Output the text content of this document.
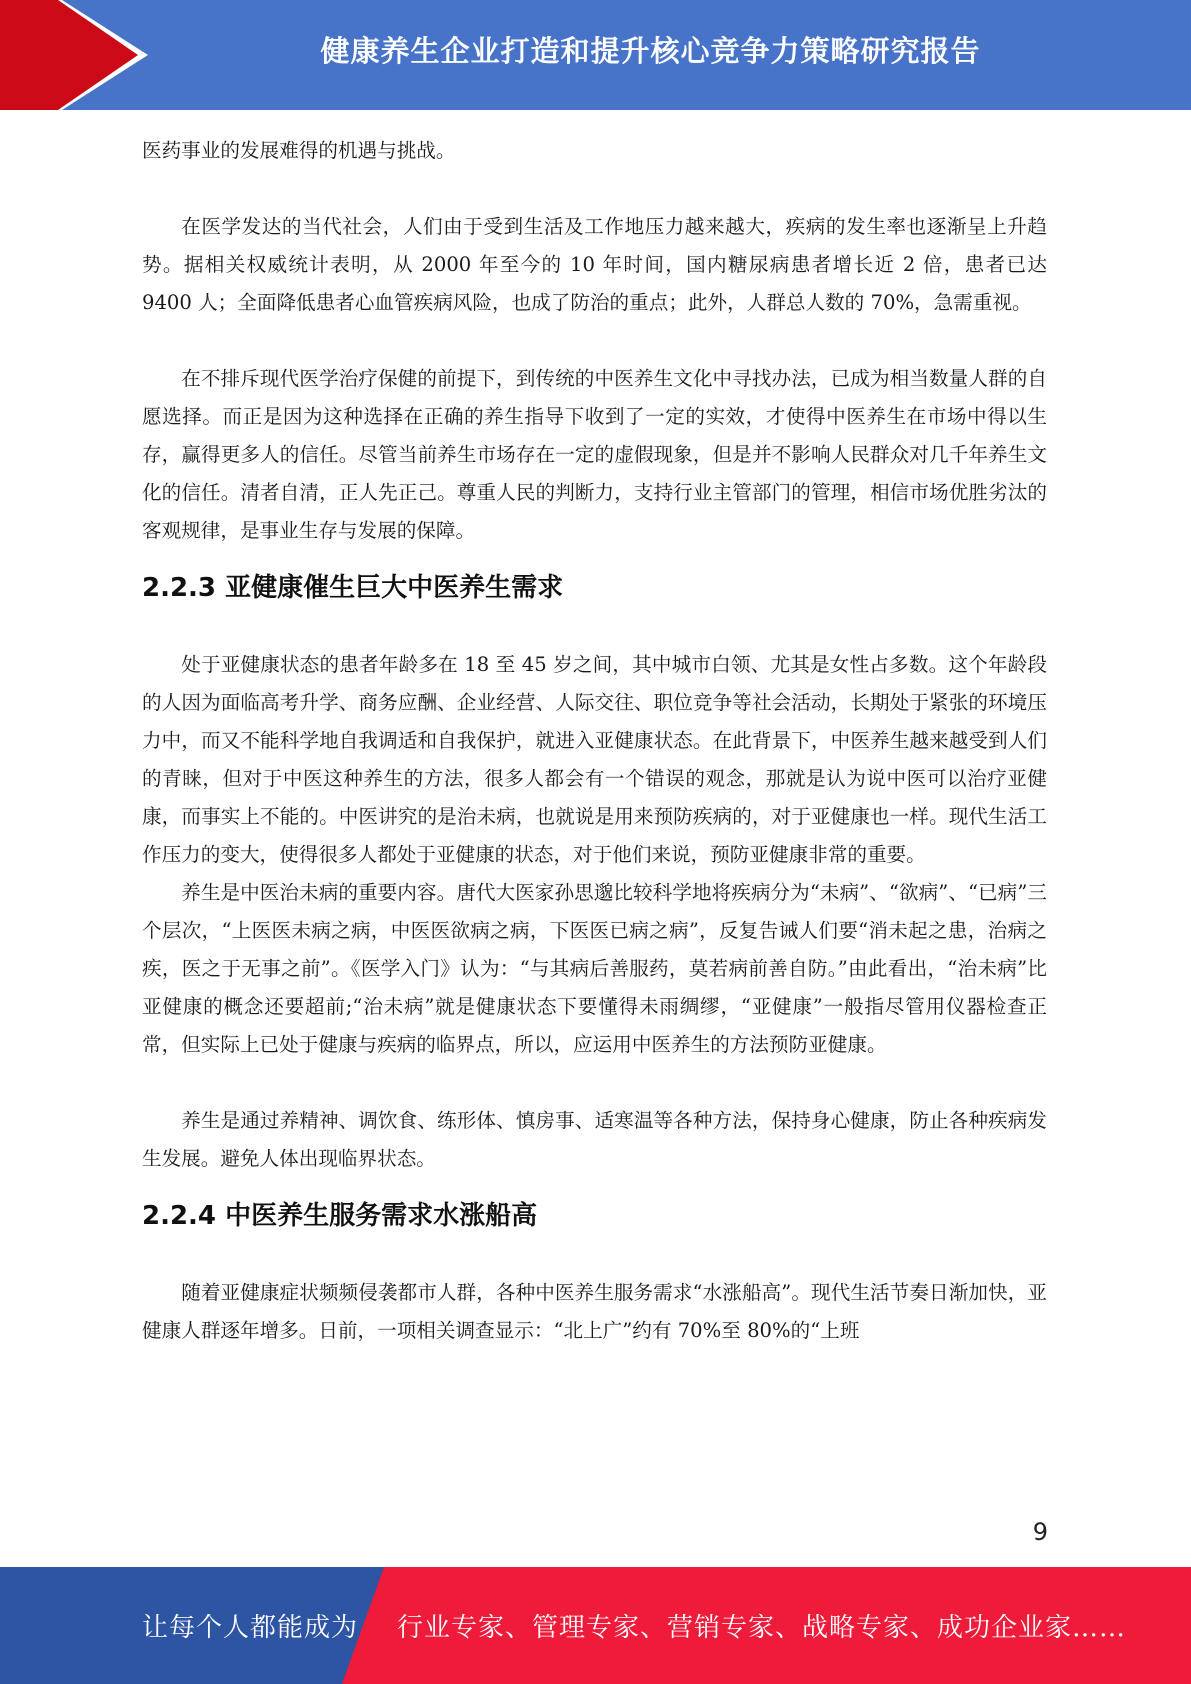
健康养生企业打造和提升核心竞争力策略研究报告

医药事业的发展难得的机遇与挑战。

在医学发达的当代社会，人们由于受到生活及工作地压力越来越大，疾病的发生率也逐渐呈上升趋势。据相关权威统计表明，从 2000 年至今的 10 年时间，国内糖尿病患者增长近 2 倍，患者已达 9400 人；全面降低患者心血管疾病风险，也成了防治的重点；此外，人群总人数的 70%，急需重视。

在不排斥现代医学治疗保健的前提下，到传统的中医养生文化中寻找办法，已成为相当数量人群的自愿选择。而正是因为这种选择在正确的养生指导下收到了一定的实效，才使得中医养生在市场中得以生存，赢得更多人的信任。尽管当前养生市场存在一定的虚假现象，但是并不影响人民群众对几千年养生文化的信任。清者自清，正人先正己。尊重人民的判断力，支持行业主管部门的管理，相信市场优胜劣汰的客观规律，是事业生存与发展的保障。

2.2.3 亚健康催生巨大中医养生需求

处于亚健康状态的患者年龄多在 18 至 45 岁之间，其中城市白领、尤其是女性占多数。这个年龄段的人因为面临高考升学、商务应酬、企业经营、人际交往、职位竞争等社会活动，长期处于紧张的环境压力中，而又不能科学地自我调适和自我保护，就进入亚健康状态。在此背景下，中医养生越来越受到人们的青睐，但对于中医这种养生的方法，很多人都会有一个错误的观念，那就是认为说中医可以治疗亚健康，而事实上不能的。中医讲究的是治未病，也就说是用来预防疾病的，对于亚健康也一样。现代生活工作压力的变大，使得很多人都处于亚健康的状态，对于他们来说，预防亚健康非常的重要。

养生是中医治未病的重要内容。唐代大医家孙思邈比较科学地将疾病分为“未病”、“欲病”、“已病”三个层次，“上医医未病之病，中医医欲病之病，下医医已病之病”，反复告诫人们要“消未起之患，治病之疾，医之于无事之前”。《医学入门》认为：“与其病后善服药，莫若病前善自防。”由此看出，“治未病”比亚健康的概念还要超前;“治未病”就是健康状态下要懂得未雨绸缪，“亚健康”一般指尽管用仪器检查正常，但实际上已处于健康与疾病的临界点，所以，应运用中医养生的方法预防亚健康。

养生是通过养精神、调饮食、练形体、慎房事、适寒温等各种方法，保持身心健康，防止各种疾病发生发展。避免人体出现临界状态。

2.2.4 中医养生服务需求水涨船高

随着亚健康症状频频侵袭都市人群，各种中医养生服务需求“水涨船高”。现代生活节奏日渐加快，亚健康人群逐年增多。日前，一项相关调查显示：“北上广”约有 70%至 80%的“上班

9
让每个人都能成为 行业专家、管理专家、营销专家、战略专家、成功企业家……
